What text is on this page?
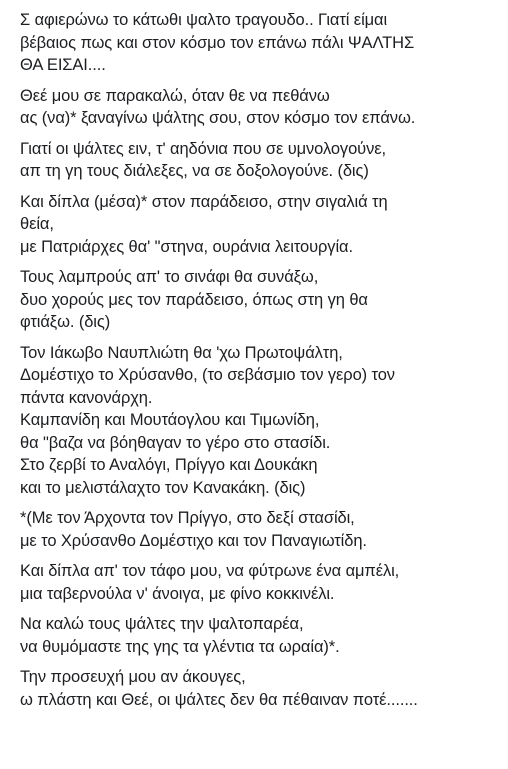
Σ αφιερώνω το κάτωθι ψαλτο τραγουδο.. Γιατί είμαι
βέβαιος πως και στον κόσμο τον επάνω πάλι ΨΑΛΤΗΣ
ΘΑ ΕΙΣΑΙ....
Θεέ μου σε παρακαλώ, όταν θε να πεθάνω
ας (να)* ξαναγίνω ψάλτης σου, στον κόσμο τον επάνω.
Γιατί οι ψάλτες ειν, τ' αηδόνια που σε υμνολογούνε,
απ τη γη τους διάλεξες, να σε δοξολογούνε. (δις)
Και δίπλα (μέσα)* στον παράδεισο, στην σιγαλιά τη
θεία,
με Πατριάρχες θα' "στηνα, ουράνια λειτουργία.
Τους λαμπρούς απ' το σινάφι θα συνάξω,
δυο χορούς μες τον παράδεισο, όπως στη γη θα
φτιάξω. (δις)
Τον Ιάκωβο Ναυπλιώτη θα 'χω Πρωτοψάλτη,
Δομέστιχο το Χρύσανθο, (το σεβάσμιο τον γερο) τον
πάντα κανονάρχη.
Καμπανίδη και Μουτάογλου και Τιμωνίδη,
θα "βαζα να βόηθαγαν το γέρο στο στασίδι.
Στο ζερβί το Αναλόγι, Πρίγγο και Δουκάκη
και το μελιστάλαχτο τον Κανακάκη. (δις)
*(Με τον Άρχοντα τον Πρίγγο, στο δεξί στασίδι,
με το Χρύσανθο Δομέστιχο και τον Παναγιωτίδη.
Και δίπλα απ' τον τάφο μου, να φύτρωνε ένα αμπέλι,
μια ταβερνούλα ν' άνοιγα, με φίνο κοκκινέλι.
Να καλώ τους ψάλτες την ψαλτοπαρέα,
να θυμόμαστε της γης τα γλέντια τα ωραία)*.
Την προσευχή μου αν άκουγες,
ω πλάστη και Θεέ, οι ψάλτες δεν θα πέθαιναν ποτέ.......
